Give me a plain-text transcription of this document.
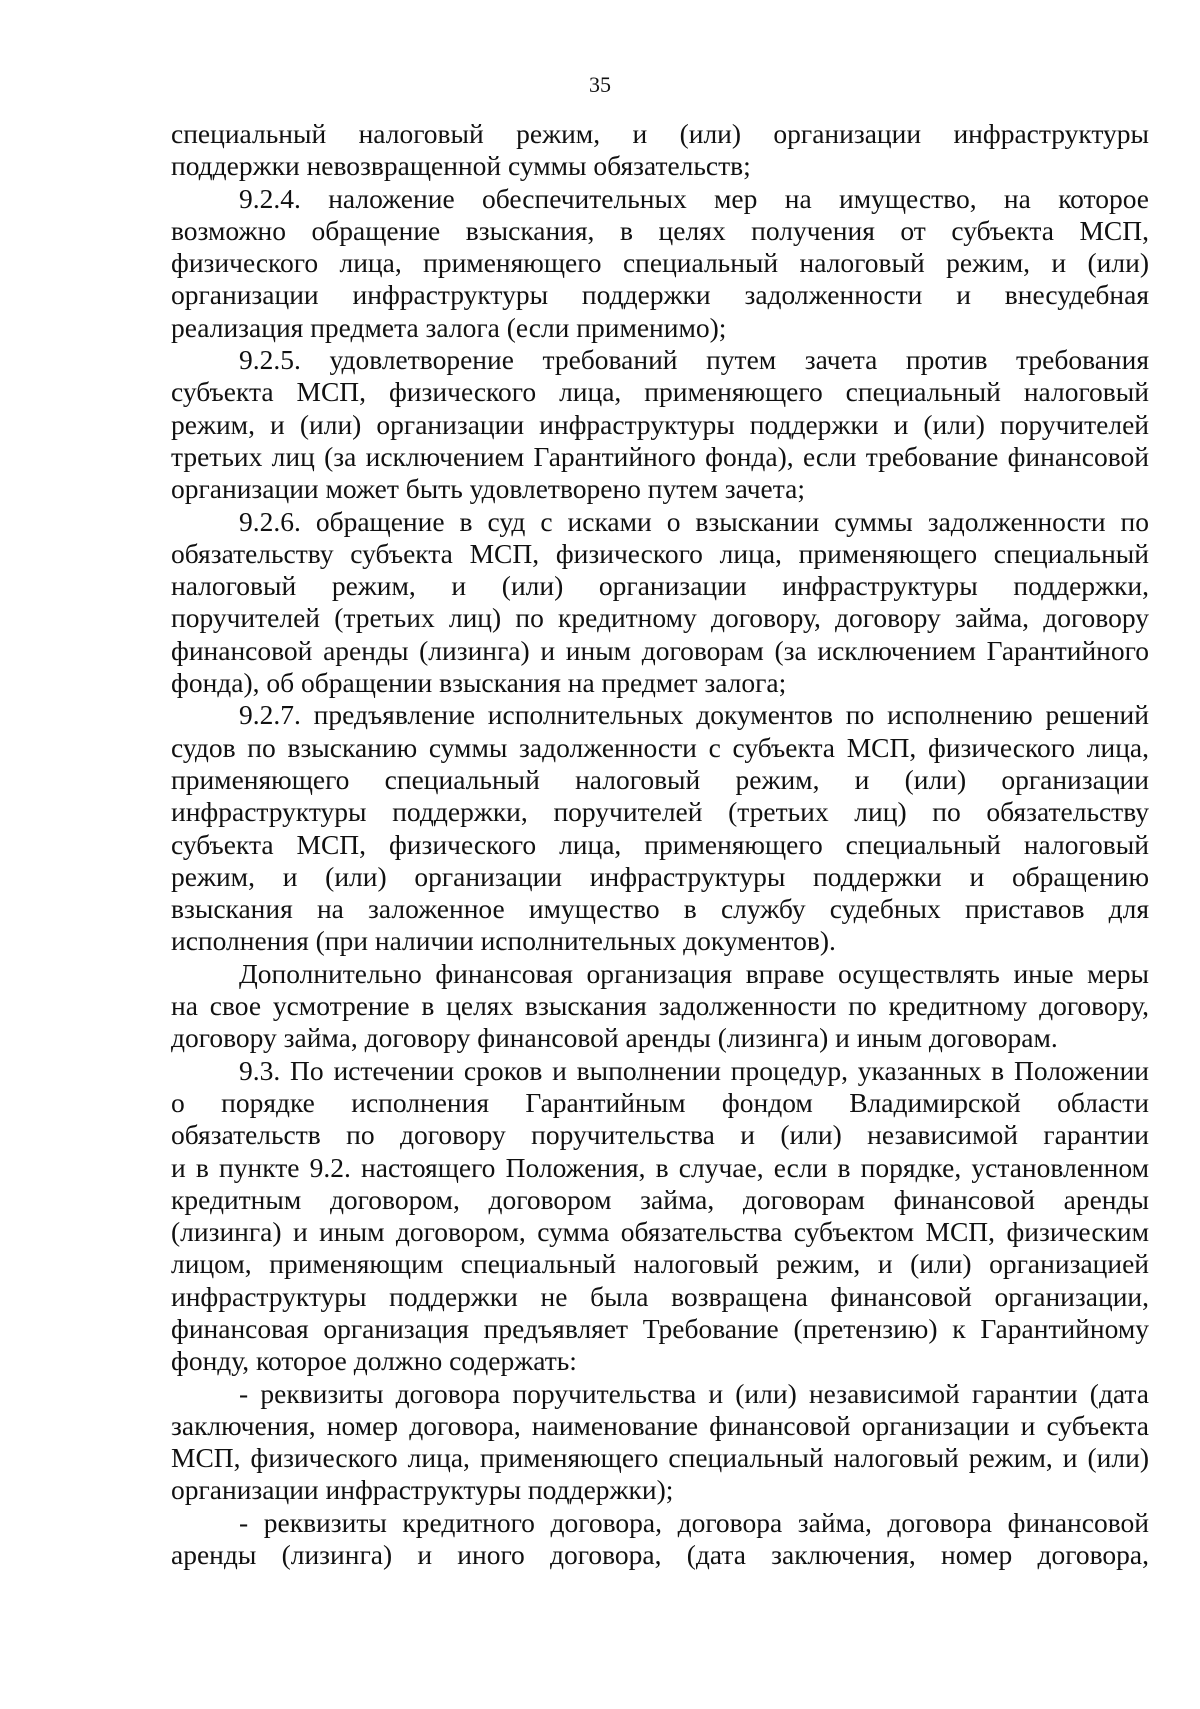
35
специальный налоговый режим, и (или) организации инфраструктуры
поддержки невозвращенной суммы обязательств;
9.2.4. наложение обеспечительных мер на имущество, на которое
возможно обращение взыскания, в целях получения от субъекта МСП,
физического лица, применяющего специальный налоговый режим, и (или)
организации инфраструктуры поддержки задолженности и внесудебная
реализация предмета залога (если применимо);
9.2.5. удовлетворение требований путем зачета против требования
субъекта МСП, физического лица, применяющего специальный налоговый
режим, и (или) организации инфраструктуры поддержки и (или) поручителей
третьих лиц (за исключением Гарантийного фонда), если требование финансовой
организации может быть удовлетворено путем зачета;
9.2.6. обращение в суд с исками о взыскании суммы задолженности по
обязательству субъекта МСП, физического лица, применяющего специальный
налоговый режим, и (или) организации инфраструктуры поддержки,
поручителей (третьих лиц) по кредитному договору, договору займа, договору
финансовой аренды (лизинга) и иным договорам (за исключением Гарантийного
фонда), об обращении взыскания на предмет залога;
9.2.7. предъявление исполнительных документов по исполнению решений
судов по взысканию суммы задолженности с субъекта МСП, физического лица,
применяющего специальный налоговый режим, и (или) организации
инфраструктуры поддержки, поручителей (третьих лиц) по обязательству
субъекта МСП, физического лица, применяющего специальный налоговый
режим, и (или) организации инфраструктуры поддержки и обращению
взыскания на заложенное имущество в службу судебных приставов для
исполнения (при наличии исполнительных документов).
Дополнительно финансовая организация вправе осуществлять иные меры
на свое усмотрение в целях взыскания задолженности по кредитному договору,
договору займа, договору финансовой аренды (лизинга) и иным договорам.
9.3. По истечении сроков и выполнении процедур, указанных в Положении
о порядке исполнения Гарантийным фондом Владимирской области
обязательств по договору поручительства и (или) независимой гарантии
и в пункте 9.2. настоящего Положения, в случае, если в порядке, установленном
кредитным договором, договором займа, договорам финансовой аренды
(лизинга) и иным договором, сумма обязательства субъектом МСП, физическим
лицом, применяющим специальный налоговый режим, и (или) организацией
инфраструктуры поддержки не была возвращена финансовой организации,
финансовая организация предъявляет Требование (претензию) к Гарантийному
фонду, которое должно содержать:
- реквизиты договора поручительства и (или) независимой гарантии (дата
заключения, номер договора, наименование финансовой организации и субъекта
МСП, физического лица, применяющего специальный налоговый режим, и (или)
организации инфраструктуры поддержки);
- реквизиты кредитного договора, договора займа, договора финансовой
аренды (лизинга) и иного договора, (дата заключения, номер договора,
